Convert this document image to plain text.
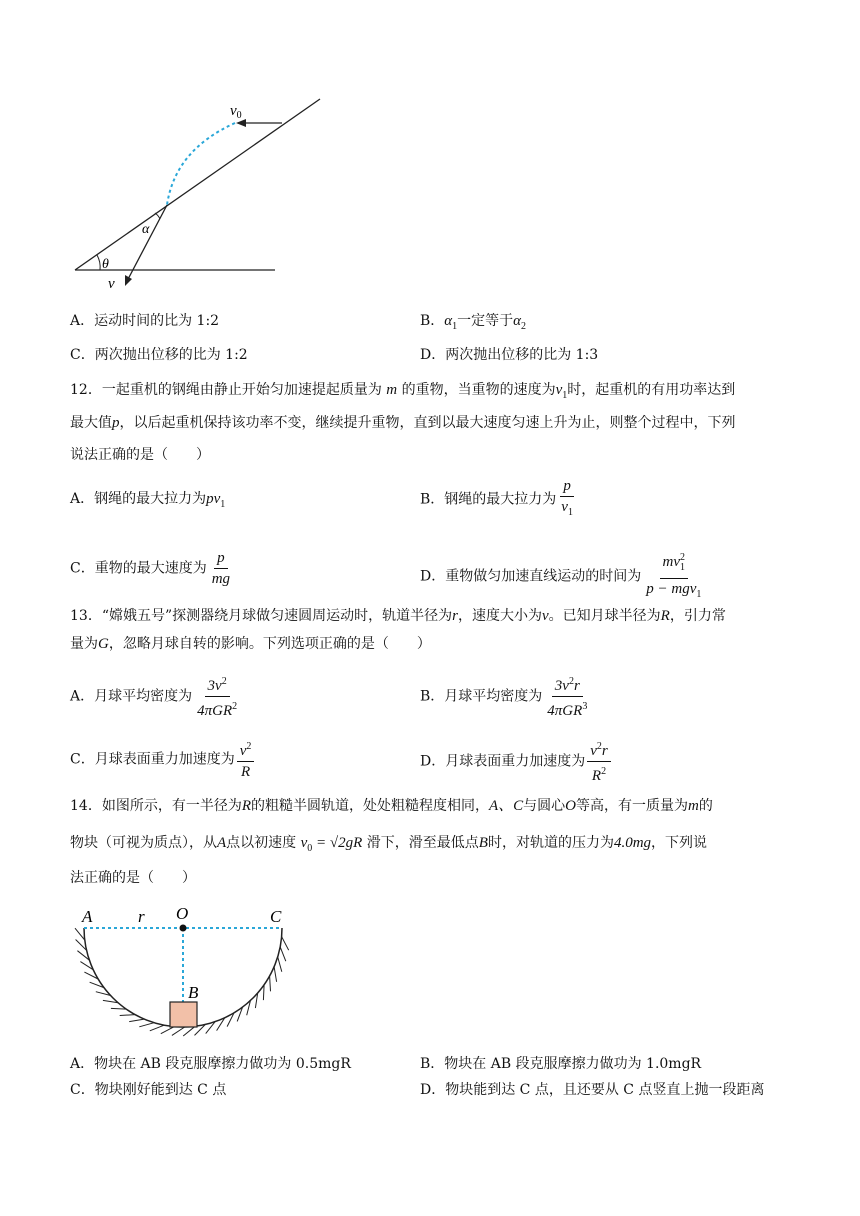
$v_0$
α
θ
v
A．运动时间的比为 1:2	B．$\alpha_1$一定等于$\alpha_2$
C．两次抛出位移的比为 1:2	D．两次抛出位移的比为 1:3
12．一起重机的钢绳由静止开始匀加速提起质量为 m 的重物，当重物的速度为$v_1$时，起重机的有用功率达到
最大值p，以后起重机保持该功率不变，继续提升重物，直到以最大速度匀速上升为止，则整个过程中，下列
说法正确的是（　　）
A．钢绳的最大拉力为$pv_1$	B．钢绳的最大拉力为 $\frac{p}{v_1}$
C．重物的最大速度为 $\frac{p}{mg}$	D．重物做匀加速直线运动的时间为 $\frac{mv_1^2}{p - mgv_1}$
13．“嫦娥五号”探测器绕月球做匀速圆周运动时，轨道半径为r，速度大小为v。已知月球半径为R，引力常
量为G，忽略月球自转的影响。下列选项正确的是（　　）
A．月球平均密度为 $\frac{3v^2}{4\pi GR^2}$	B．月球平均密度为 $\frac{3v^2r}{4\pi GR^3}$
C．月球表面重力加速度为 $\frac{v^2}{R}$	D．月球表面重力加速度为 $\frac{v^2r}{R^2}$
14．如图所示，有一半径为R的粗糙半圆轨道，处处粗糙程度相同，A、C与圆心O等高，有一质量为m的
物块（可视为质点），从A点以初速度 $v_0 = √2gR$ 滑下，滑至最低点B时，对轨道的压力为4.0mg，下列说
法正确的是（　　）
A	r O	C
B
A．物块在 AB 段克服摩擦力做功为 0.5mgR	B．物块在 AB 段克服摩擦力做功为 1.0mgR
C．物块刚好能到达 C 点	D．物块能到达 C 点，且还要从 C 点竖直上抛一段距离
